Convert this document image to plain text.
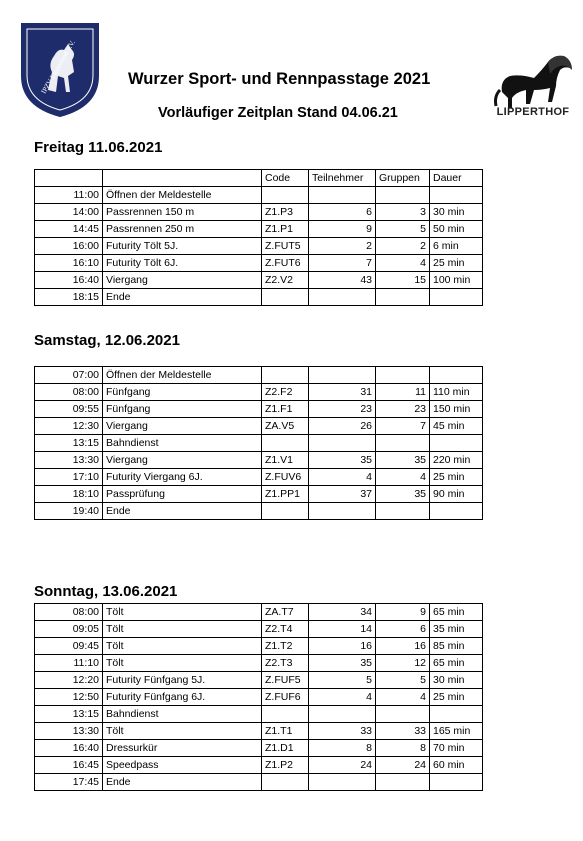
IPZV Lipperland e.V.
LIPPERTHOF
Wurzer Sport- und Rennpasstage 2021
Vorläufiger Zeitplan Stand 04.06.21
Freitag 11.06.2021
		Code	Teilnehmer	Gruppen	Dauer
11:00	Öffnen der Meldestelle				
14:00	Passrennen 150 m	Z1.P3	6	3	30 min
14:45	Passrennen 250 m	Z1.P1	9	5	50 min
16:00	Futurity Tölt 5J.	Z.FUT5	2	2	6 min
16:10	Futurity Tölt 6J.	Z.FUT6	7	4	25 min
16:40	Viergang	Z2.V2	43	15	100 min
18:15	Ende				
Samstag, 12.06.2021
07:00	Öffnen der Meldestelle				
08:00	Fünfgang	Z2.F2	31	11	110 min
09:55	Fünfgang	Z1.F1	23	23	150 min
12:30	Viergang	ZA.V5	26	7	45 min
13:15	Bahndienst				
13:30	Viergang	Z1.V1	35	35	220 min
17:10	Futurity Viergang 6J.	Z.FUV6	4	4	25 min
18:10	Passprüfung	Z1.PP1	37	35	90 min
19:40	Ende				
Sonntag, 13.06.2021
08:00	Tölt	ZA.T7	34	9	65 min
09:05	Tölt	Z2.T4	14	6	35 min
09:45	Tölt	Z1.T2	16	16	85 min
11:10	Tölt	Z2.T3	35	12	65 min
12:20	Futurity Fünfgang 5J.	Z.FUF5	5	5	30 min
12:50	Futurity Fünfgang 6J.	Z.FUF6	4	4	25 min
13:15	Bahndienst				
13:30	Tölt	Z1.T1	33	33	165 min
16:40	Dressurkür	Z1.D1	8	8	70 min
16:45	Speedpass	Z1.P2	24	24	60 min
17:45	Ende				
